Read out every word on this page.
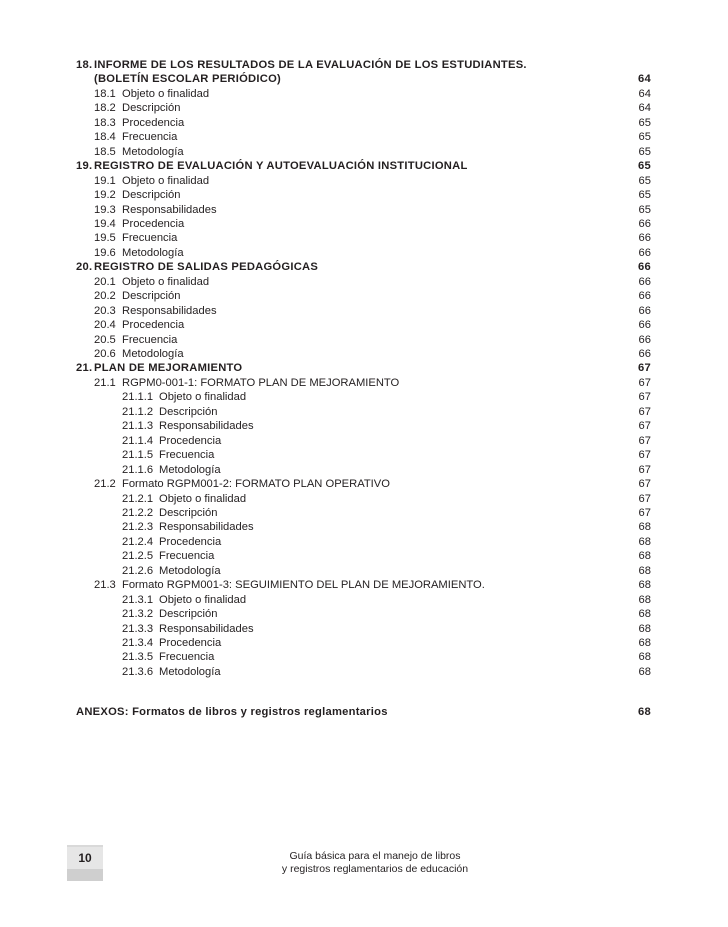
18. INFORME DE LOS RESULTADOS DE LA EVALUACIÓN DE LOS ESTUDIANTES.
(BOLETÍN ESCOLAR PERIÓDICO)	64
18.1 Objeto o finalidad	64
18.2 Descripción	64
18.3 Procedencia	65
18.4 Frecuencia	65
18.5 Metodología	65
19. REGISTRO DE EVALUACIÓN Y AUTOEVALUACIÓN INSTITUCIONAL	65
19.1 Objeto o finalidad	65
19.2 Descripción	65
19.3 Responsabilidades	65
19.4 Procedencia	66
19.5 Frecuencia	66
19.6 Metodología	66
20. REGISTRO DE SALIDAS PEDAGÓGICAS	66
20.1 Objeto o finalidad	66
20.2 Descripción	66
20.3 Responsabilidades	66
20.4 Procedencia	66
20.5 Frecuencia	66
20.6 Metodología	66
21. PLAN DE MEJORAMIENTO	67
21.1 RGPM0-001-1: FORMATO PLAN DE MEJORAMIENTO	67
21.1.1 Objeto o finalidad	67
21.1.2 Descripción	67
21.1.3 Responsabilidades	67
21.1.4 Procedencia	67
21.1.5 Frecuencia	67
21.1.6 Metodología	67
21.2 Formato RGPM001-2: FORMATO PLAN OPERATIVO	67
21.2.1 Objeto o finalidad	67
21.2.2 Descripción	67
21.2.3 Responsabilidades	68
21.2.4 Procedencia	68
21.2.5 Frecuencia	68
21.2.6 Metodología	68
21.3 Formato RGPM001-3: SEGUIMIENTO DEL PLAN DE MEJORAMIENTO.	68
21.3.1 Objeto o finalidad	68
21.3.2 Descripción	68
21.3.3 Responsabilidades	68
21.3.4 Procedencia	68
21.3.5 Frecuencia	68
21.3.6 Metodología	68
ANEXOS: Formatos de libros y registros reglamentarios	68
10	Guía básica para el manejo de libros
y registros reglamentarios de educación
